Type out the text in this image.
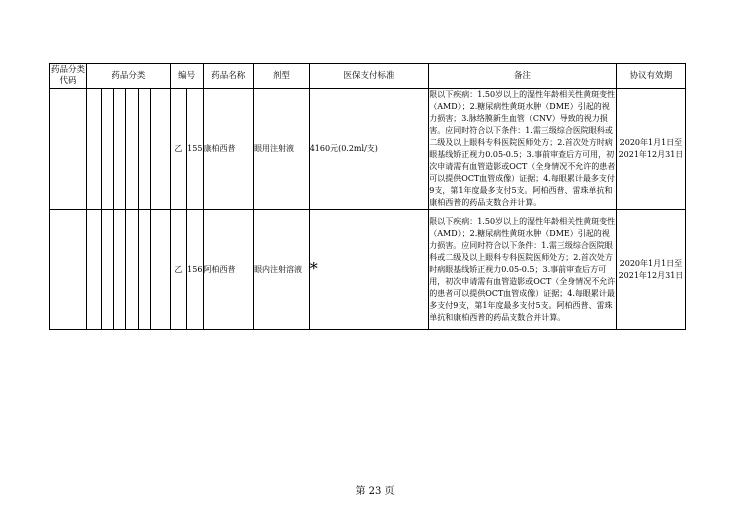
药品分类代码	药品分类						编号		药品名称	剂型	医保支付标准	备注	协议有效期
							乙	155	康柏西普	眼用注射液	4160元(0.2ml/支)	限以下疾病：1.50岁以上的湿性年龄相关性黄斑变性（AMD）；2.糖尿病性黄斑水肿（DME）引起的视力损害；3.脉络膜新生血管（CNV）导致的视力损害。应同时符合以下条件：1.需三级综合医院眼科或二级及以上眼科专科医院医师处方；2.首次处方时病眼基线矫正视力0.05-0.5；3.事前审查后方可用，初次申请需有血管造影或OCT（全身情况不允许的患者可以提供OCT血管成像）证据；4.每眼累计最多支付9支，第1年度最多支付5支。阿柏西普、雷珠单抗和康柏西普的药品支数合并计算。	2020年1月1日至
2021年12月31日
							乙	156	阿柏西普	眼内注射溶液	*	限以下疾病：1.50岁以上的湿性年龄相关性黄斑变性（AMD）；2.糖尿病性黄斑水肿（DME）引起的视力损害。应同时符合以下条件：1.需三级综合医院眼科或二级及以上眼科专科医院医师处方；2.首次处方时病眼基线矫正视力0.05-0.5；3.事前审查后方可用，初次申请需有血管造影或OCT（全身情况不允许的患者可以提供OCT血管成像）证据；4.每眼累计最多支付9支，第1年度最多支付5支。阿柏西普、雷珠单抗和康柏西普的药品支数合并计算。	2020年1月1日至
2021年12月31日
第 23 页
